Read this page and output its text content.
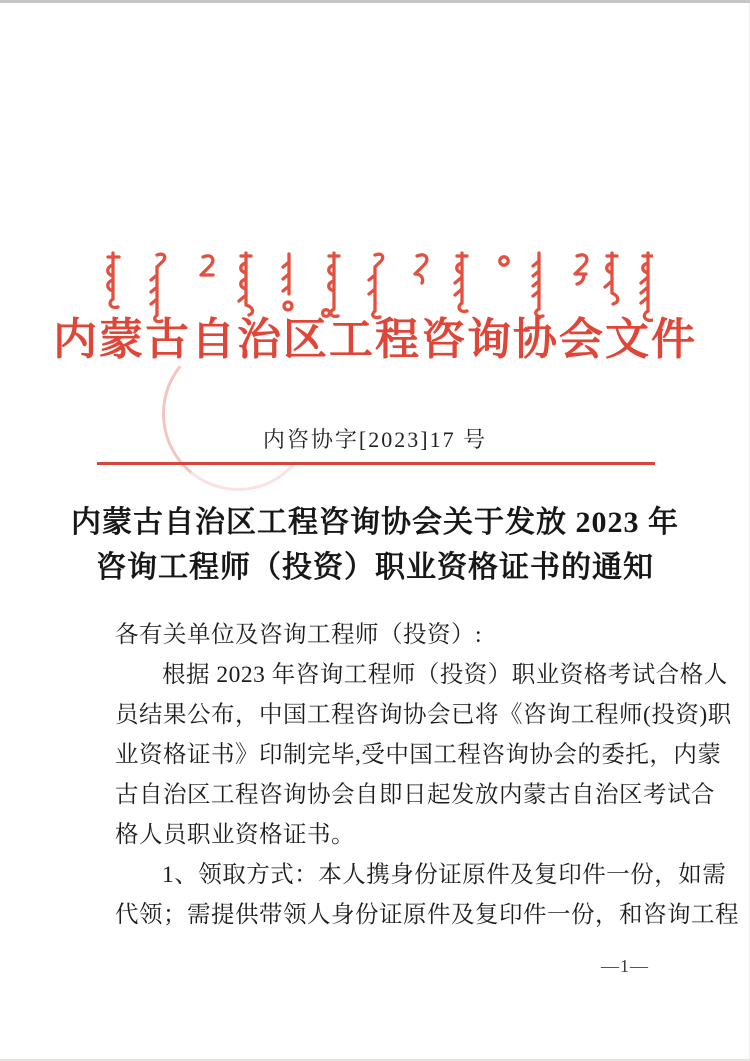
内蒙古自治区工程咨询协会文件
内咨协字[2023]17 号
内蒙古自治区工程咨询协会关于发放 2023 年
咨询工程师（投资）职业资格证书的通知
各有关单位及咨询工程师（投资）:
根据 2023 年咨询工程师（投资）职业资格考试合格人
员结果公布，中国工程咨询协会已将《咨询工程师(投资)职
业资格证书》印制完毕,受中国工程咨询协会的委托，内蒙
古自治区工程咨询协会自即日起发放内蒙古自治区考试合
格人员职业资格证书。
1、领取方式：本人携身份证原件及复印件一份，如需
代领；需提供带领人身份证原件及复印件一份，和咨询工程
—1—
